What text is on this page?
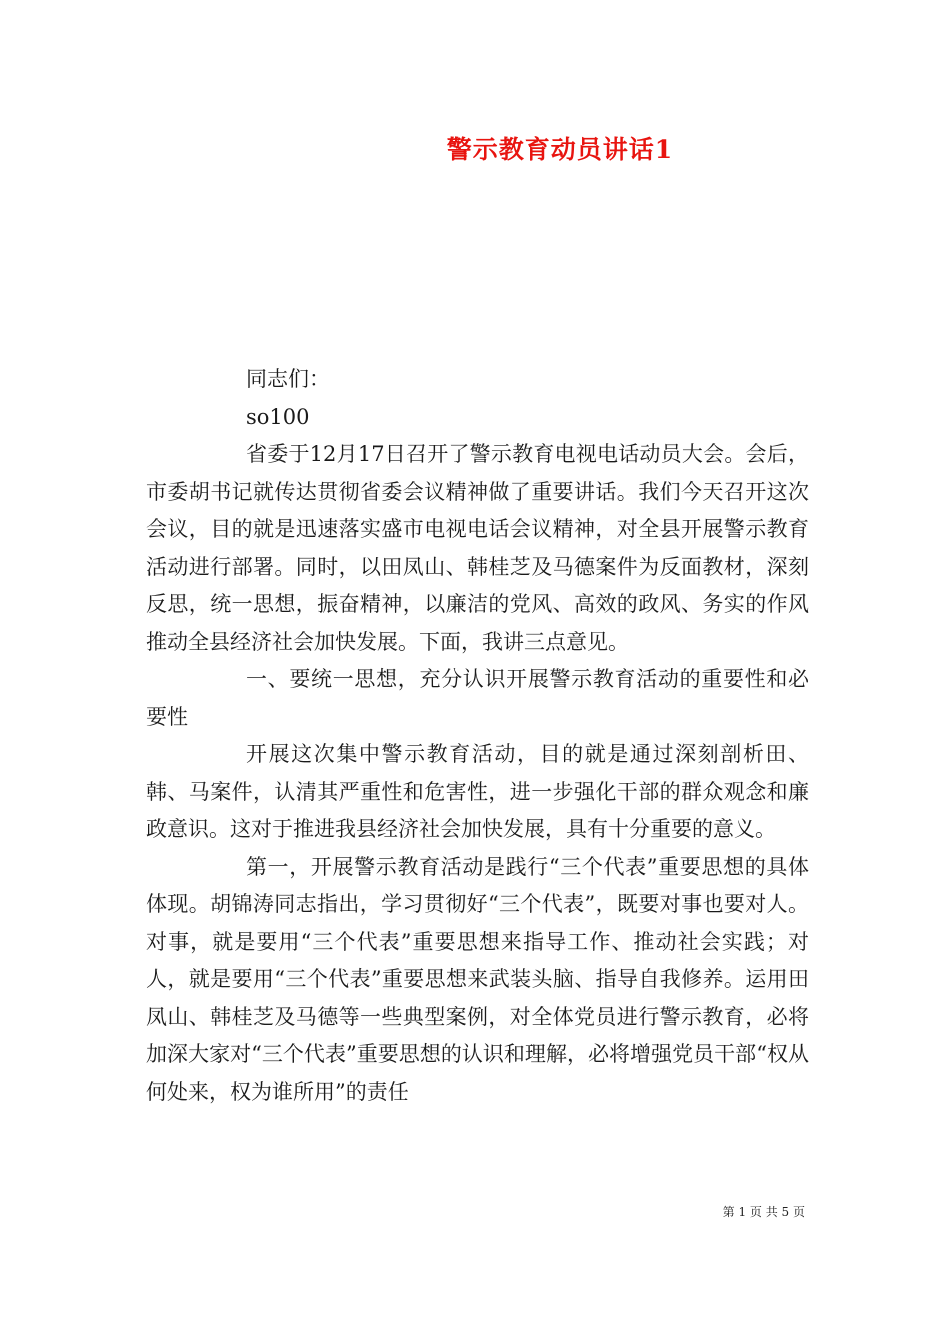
警示教育动员讲话1

同志们：

so100

省委于12月17日召开了警示教育电视电话动员大会。会后，市委胡书记就传达贯彻省委会议精神做了重要讲话。我们今天召开这次会议，目的就是迅速落实盛市电视电话会议精神，对全县开展警示教育活动进行部署。同时，以田凤山、韩桂芝及马德案件为反面教材，深刻反思，统一思想，振奋精神，以廉洁的党风、高效的政风、务实的作风推动全县经济社会加快发展。下面，我讲三点意见。

一、要统一思想，充分认识开展警示教育活动的重要性和必要性

开展这次集中警示教育活动，目的就是通过深刻剖析田、韩、马案件，认清其严重性和危害性，进一步强化干部的群众观念和廉政意识。这对于推进我县经济社会加快发展，具有十分重要的意义。

第一，开展警示教育活动是践行“三个代表”重要思想的具体体现。胡锦涛同志指出，学习贯彻好“三个代表”，既要对事也要对人。对事，就是要用“三个代表”重要思想来指导工作、推动社会实践；对人，就是要用“三个代表”重要思想来武装头脑、指导自我修养。运用田凤山、韩桂芝及马德等一些典型案例，对全体党员进行警示教育，必将加深大家对“三个代表”重要思想的认识和理解，必将增强党员干部“权从何处来，权为谁所用”的责任

第 1 页 共 5 页
